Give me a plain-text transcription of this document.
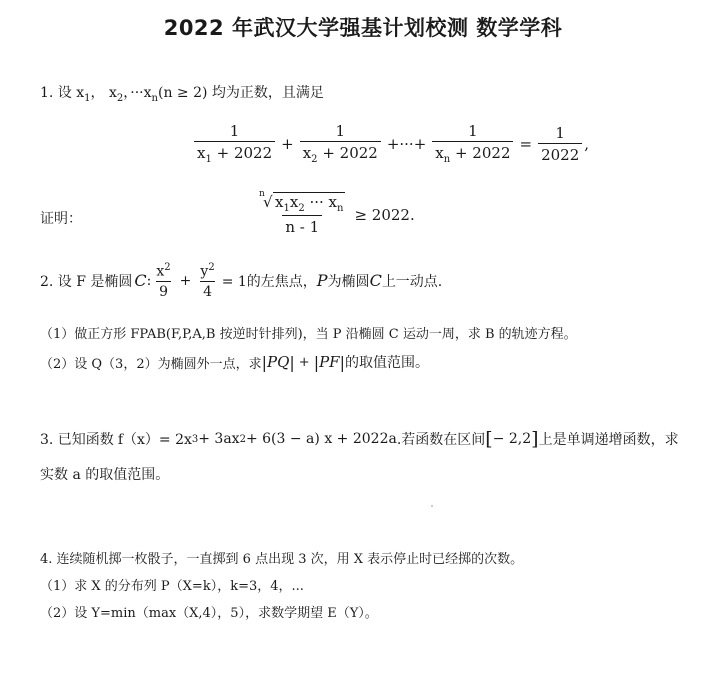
2022 年武汉大学强基计划校测 数学学科
1. 设 $x_1$， $x_2$，$\cdot\cdot\cdot x_n(n \ge 2)$ 均为正数，且满足
$\frac{1}{x_1 + 2022} + \frac{1}{x_2 + 2022}$ +···+ $\frac{1}{x_n + 2022} = \frac{1}{2022}$ ,
证明：	n
√ $x_1x_2$ ··· $x_n$
n - 1 ≥ 2022.
2. 设 F 是椭圆 C : $\frac{x^2}{9} + \frac{y^2}{4} = 1$的左焦点， P 为椭圆 C 上一动点.
（1）做正方形 FPAB(F,P,A,B 按逆时针排列)，当 P 沿椭圆 C 运动一周，求 B 的轨迹方程。
（2）设 Q（3，2）为椭圆外一点，求 | PQ | + | PF | 的取值范围。
3. 已知函数 f（x）= 2x 3 + 3ax 2 + 6(3 − a) x + 2022a .若函数在区间 [ − 2,2 ] 上是单调递增函数，求
实数 a 的取值范围。
4. 连续随机掷一枚骰子，一直掷到 6 点出现 3 次，用 X 表示停止时已经掷的次数。
（1）求 X 的分布列 P（X=k），k=3，4，...
（2）设 Y=min（max（X,4），5），求数学期望 E（Y）。
